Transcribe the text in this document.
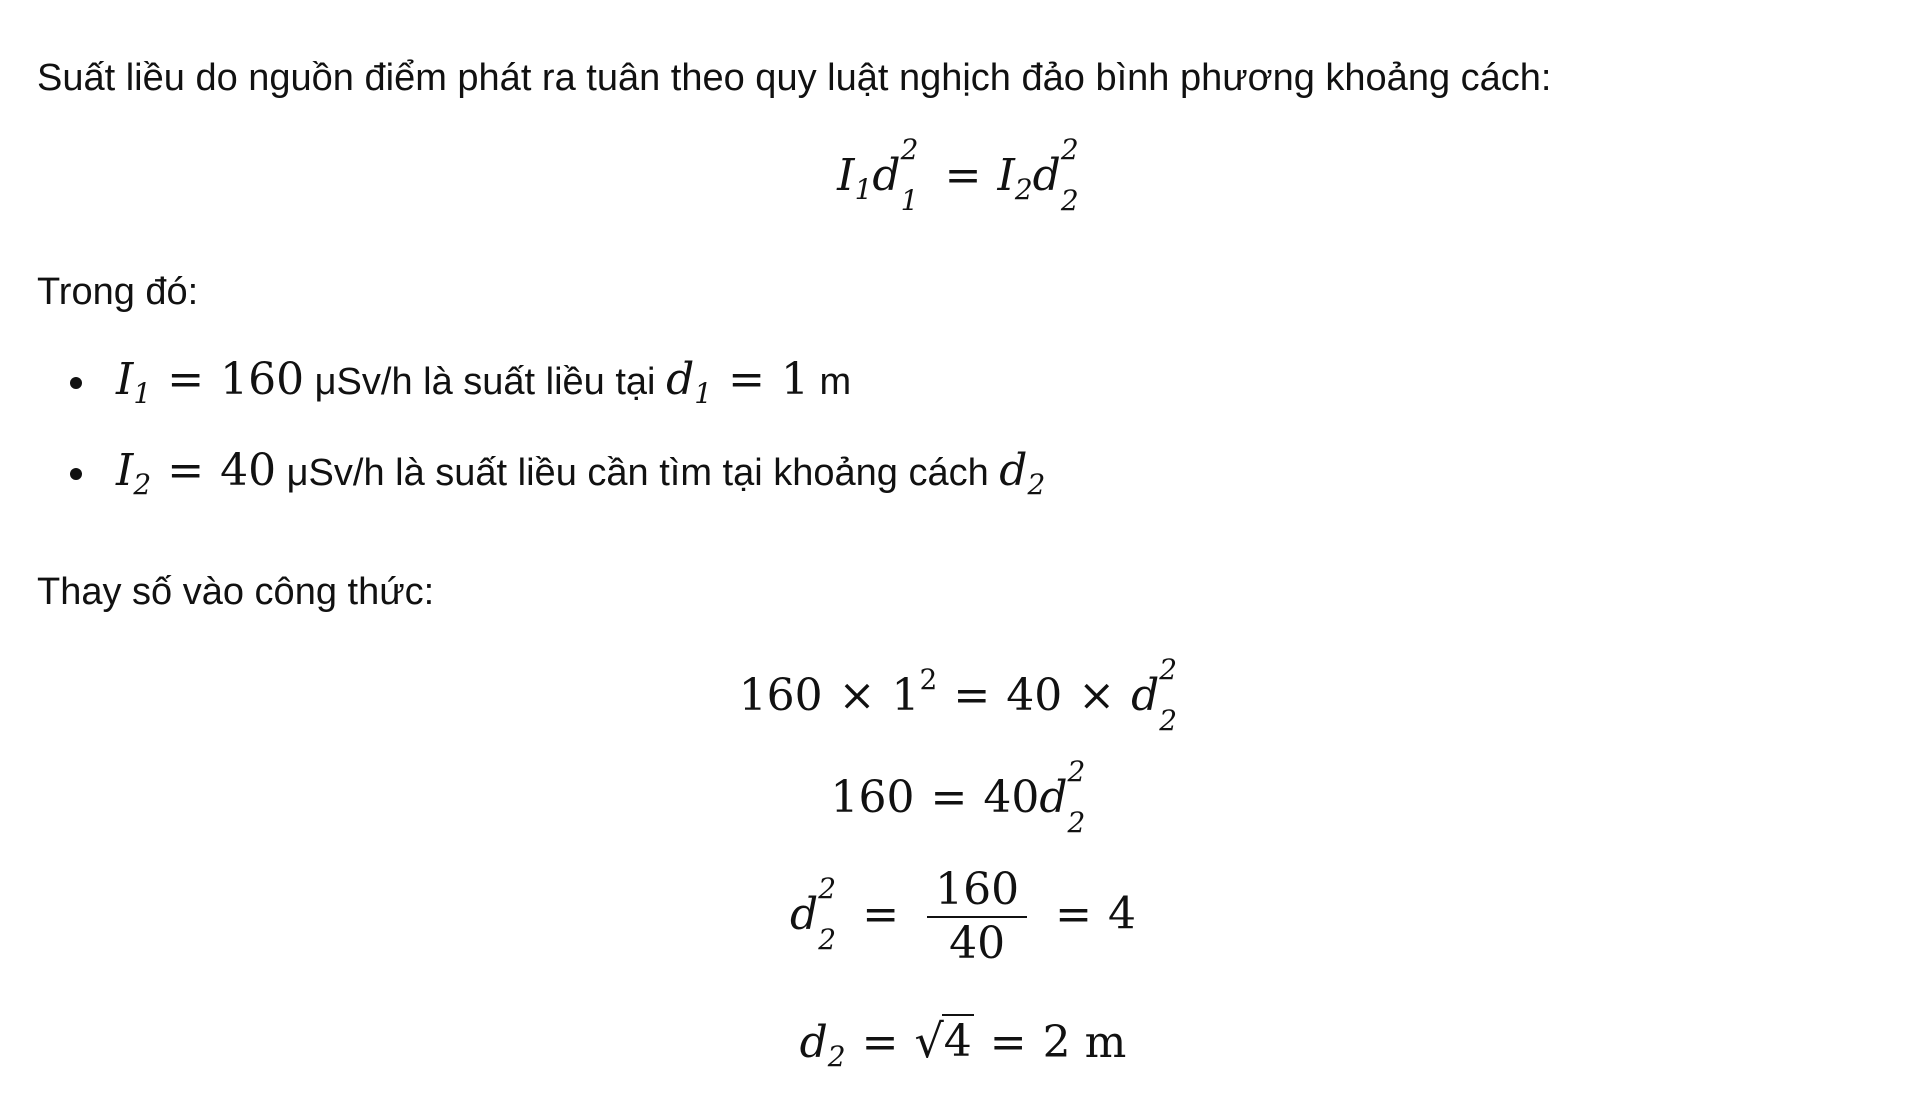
Suất liều do nguồn điểm phát ra tuân theo quy luật nghịch đảo bình phương khoảng cách:
$I_1d$
2
$1 = I_2d$
2
2
Trong đó:
$I_1 = 160$ μSv/h là suất liều tại $d_1 = 1$ m
$I_2 = 40$ μSv/h là suất liều cần tìm tại khoảng cách $d_2$
Thay số vào công thức:
$160 \times 1^2 = 40 \times d$
2
2
160 = 40d
2
2
d
2
$2 = \frac{160}{40} = 4$
$d_2$ = √ 4 = 2 m
